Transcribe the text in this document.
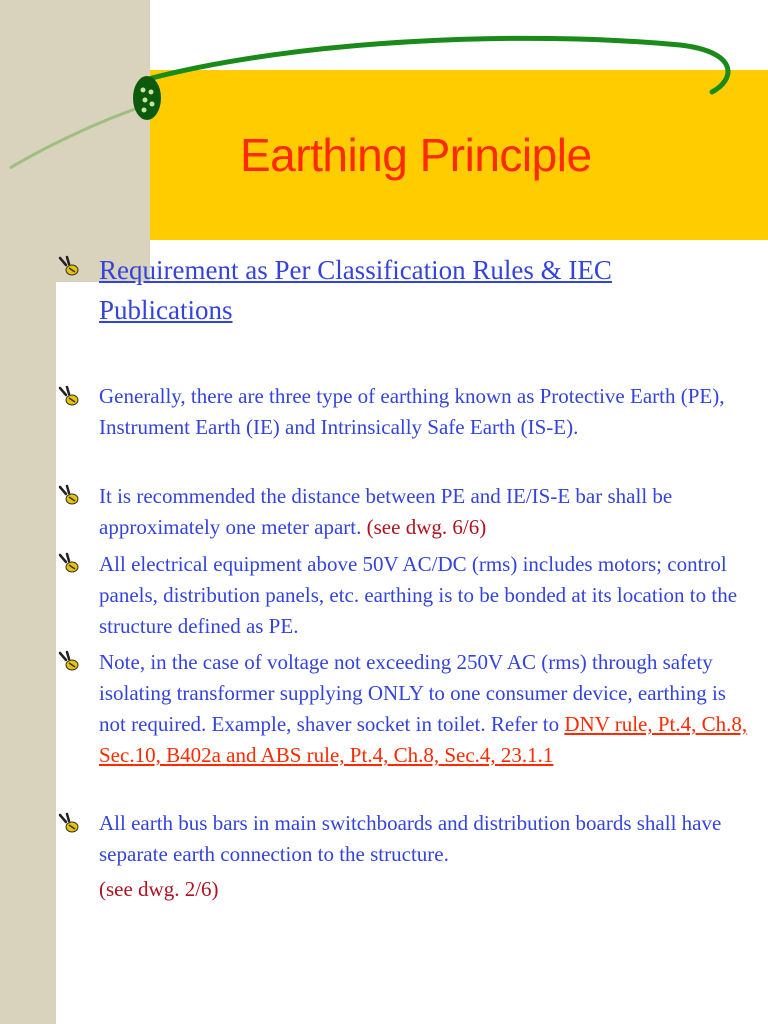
Earthing Principle

Requirement as Per Classification Rules & IEC Publications

Generally, there are three type of earthing known as Protective Earth (PE), Instrument Earth (IE) and Intrinsically Safe Earth (IS-E).

It is recommended the distance between PE and IE/IS-E bar shall be approximately one meter apart. (see dwg. 6/6)

All electrical equipment above 50V AC/DC (rms) includes motors; control panels, distribution panels, etc. earthing is to be bonded at its location to the structure defined as PE.

Note, in the case of voltage not exceeding 250V AC (rms) through safety isolating transformer supplying ONLY to one consumer device, earthing is not required. Example, shaver socket in toilet. Refer to DNV rule, Pt.4, Ch.8, Sec.10, B402a and ABS rule, Pt.4, Ch.8, Sec.4, 23.1.1

All earth bus bars in main switchboards and distribution boards shall have separate earth connection to the structure.
(see dwg. 2/6)
